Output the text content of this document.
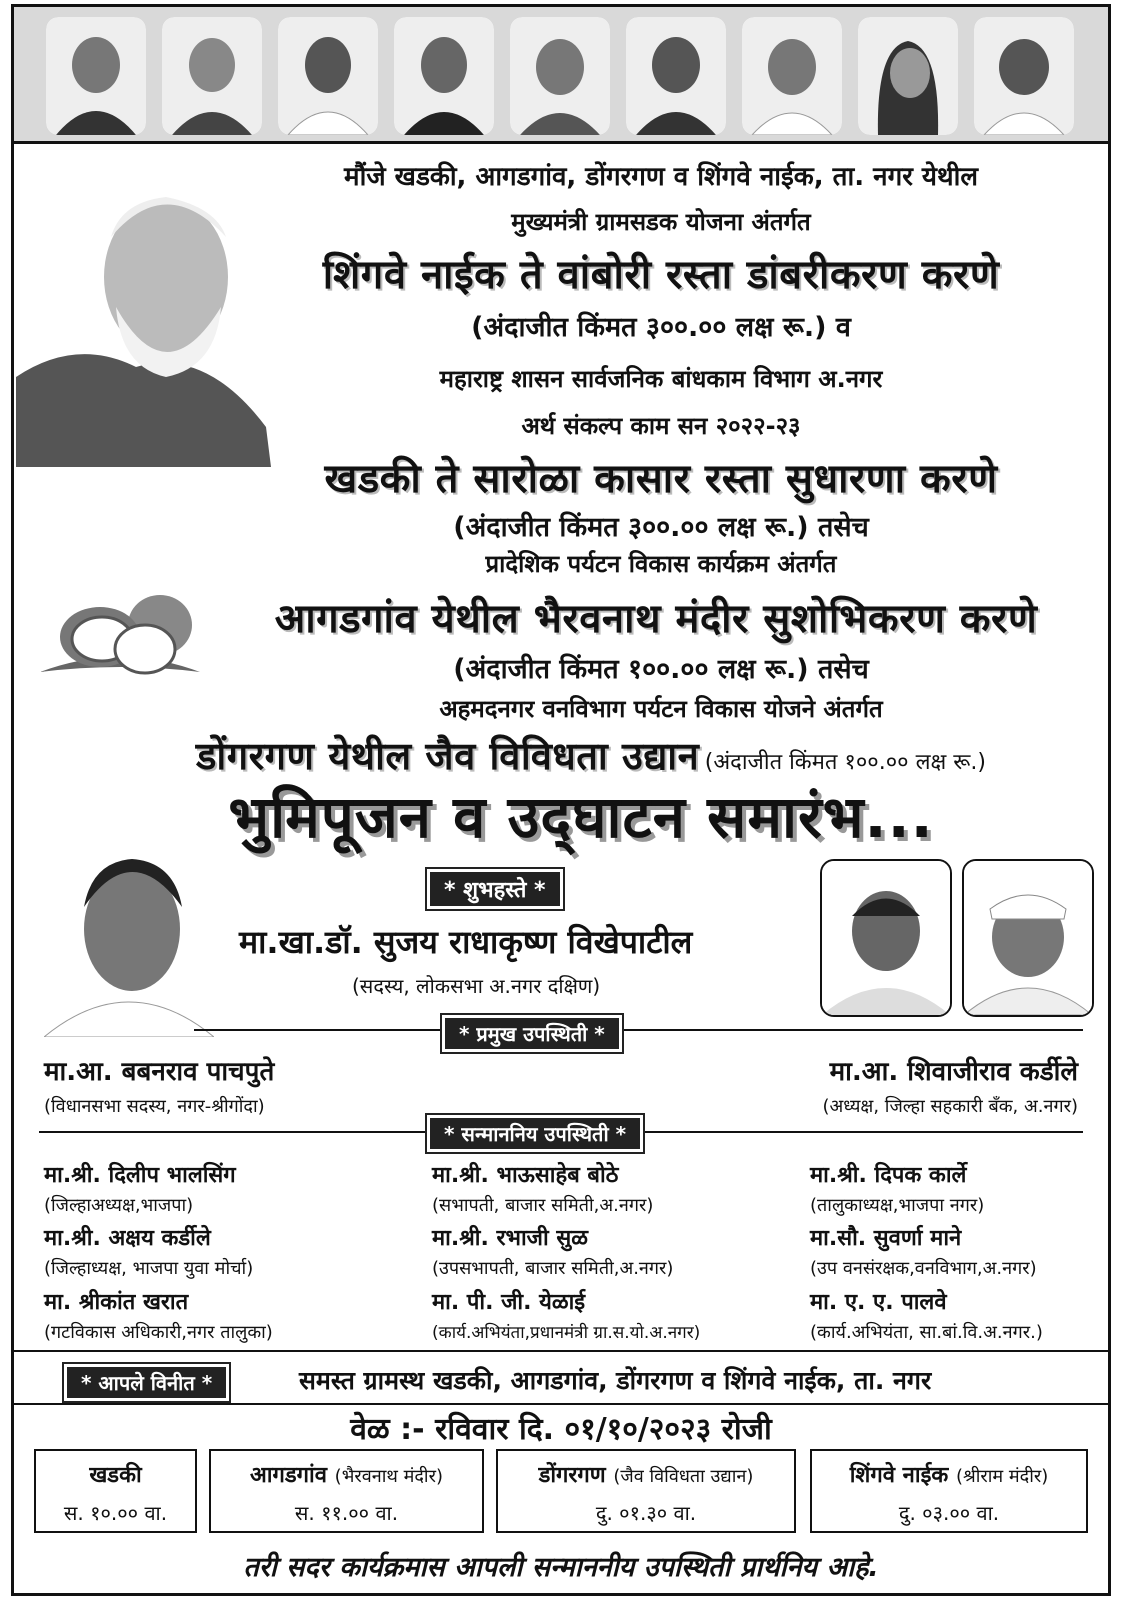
मौंजे खडकी, आगडगांव, डोंगरगण व शिंगवे नाईक, ता. नगर येथील
मुख्यमंत्री ग्रामसडक योजना अंतर्गत
शिंगवे नाईक ते वांबोरी रस्ता डांबरीकरण करणे
(अंदाजीत किंमत ३००.०० लक्ष रू.) व
महाराष्ट्र शासन सार्वजनिक बांधकाम विभाग अ.नगर
अर्थ संकल्प काम सन २०२२-२३
खडकी ते सारोळा कासार रस्ता सुधारणा करणे
(अंदाजीत किंमत ३००.०० लक्ष रू.) तसेच
प्रादेशिक पर्यटन विकास कार्यक्रम अंतर्गत
आगडगांव येथील भैरवनाथ मंदीर सुशोभिकरण करणे
(अंदाजीत किंमत १००.०० लक्ष रू.) तसेच
अहमदनगर वनविभाग पर्यटन विकास योजने अंतर्गत
डोंगरगण येथील जैव विविधता उद्यान (अंदाजीत किंमत १००.०० लक्ष रू.)
भुमिपूजन व उद्‌घाटन समारंभ...
* शुभहस्ते *
मा.खा.डॉ. सुजय राधाकृष्ण विखेपाटील
(सदस्य, लोकसभा अ.नगर दक्षिण)
* प्रमुख उपस्थिती *
मा.आ. बबनराव पाचपुते
(विधानसभा सदस्य, नगर-श्रीगोंदा)
मा.आ. शिवाजीराव कर्डीले
(अध्यक्ष, जिल्हा सहकारी बँक, अ.नगर)
* सन्माननिय उपस्थिती *
मा.श्री. दिलीप भालसिंग
(जिल्हाअध्यक्ष,भाजपा)
मा.श्री. भाऊसाहेब बोठे
(सभापती, बाजार समिती,अ.नगर)
मा.श्री. दिपक कार्ले
(तालुकाध्यक्ष,भाजपा नगर)
मा.श्री. अक्षय कर्डीले
(जिल्हाध्यक्ष, भाजपा युवा मोर्चा)
मा.श्री. रभाजी सुळ
(उपसभापती, बाजार समिती,अ.नगर)
मा.सौ. सुवर्णा माने
(उप वनसंरक्षक,वनविभाग,अ.नगर)
मा. श्रीकांत खरात
(गटविकास अधिकारी,नगर तालुका)
मा. पी. जी. येळाई
(कार्य.अभियंता,प्रधानमंत्री ग्रा.स.यो.अ.नगर)
मा. ए. ए. पालवे
(कार्य.अभियंता, सा.बां.वि.अ.नगर.)
* आपले विनीत *	समस्त ग्रामस्थ खडकी, आगडगांव, डोंगरगण व शिंगवे नाईक, ता. नगर
वेळ :- रविवार दि. ०१/१०/२०२३ रोजी
खडकी
स. १०.०० वा.
आगडगांव (भैरवनाथ मंदीर)
स. ११.०० वा.
डोंगरगण (जैव विविधता उद्यान)
दु. ०१.३० वा.
शिंगवे नाईक (श्रीराम मंदीर)
दु. ०३.०० वा.
तरी सदर कार्यक्रमास आपली सन्माननीय उपस्थिती प्रार्थनिय आहे.
